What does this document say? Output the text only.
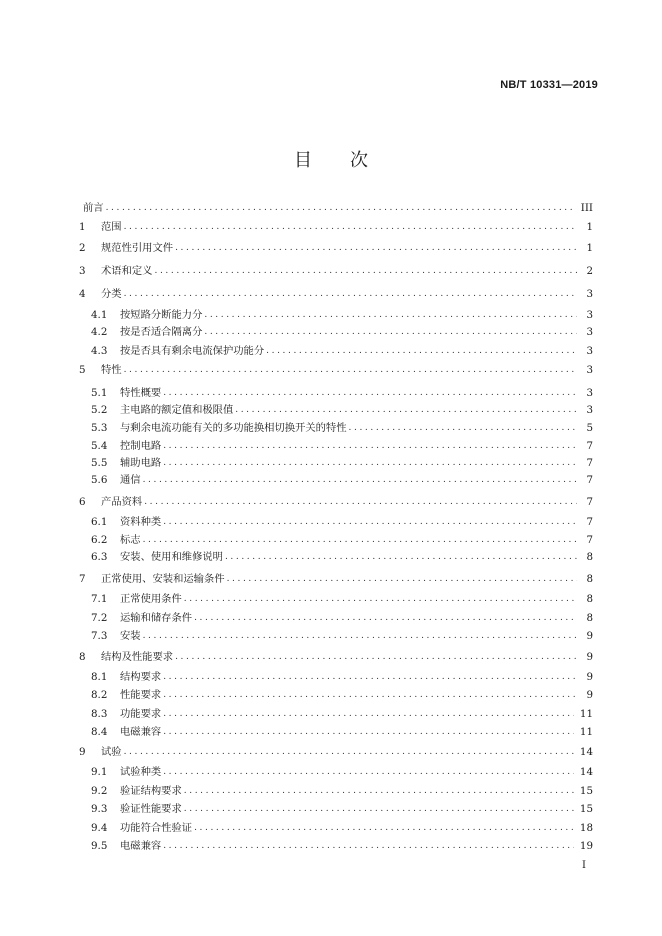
NB/T 10331—2019
目 次
前言 .....	III
1	范围 .....	1
2	规范性引用文件 .....	1
3	术语和定义 .....	2
4	分类 .....	3
4.1	按短路分断能力分 .....	3
4.2	按是否适合隔离分 .....	3
4.3	按是否具有剩余电流保护功能分 .....	3
5	特性 .....	3
5.1	特性概要 .....	3
5.2	主电路的额定值和极限值 .....	3
5.3	与剩余电流功能有关的多功能换相切换开关的特性 .....	5
5.4	控制电路 .....	7
5.5	辅助电路 .....	7
5.6	通信 .....	7
6	产品资料 .....	7
6.1	资料种类 .....	7
6.2	标志 .....	7
6.3	安装、使用和维修说明 .....	8
7	正常使用、安装和运输条件 .....	8
7.1	正常使用条件 .....	8
7.2	运输和储存条件 .....	8
7.3	安装 .....	9
8	结构及性能要求 .....	9
8.1	结构要求 .....	9
8.2	性能要求 .....	9
8.3	功能要求 .....	11
8.4	电磁兼容 .....	11
9	试验 .....	14
9.1	试验种类 .....	14
9.2	验证结构要求 .....	15
9.3	验证性能要求 .....	15
9.4	功能符合性验证 .....	18
9.5	电磁兼容 .....	19
I
